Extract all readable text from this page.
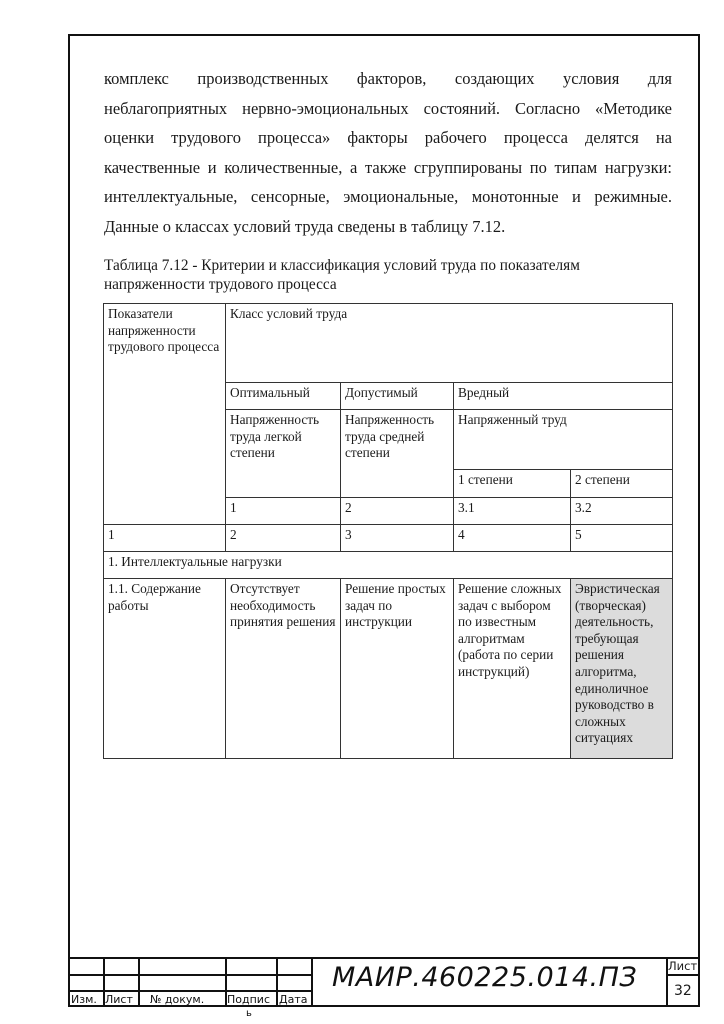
комплекс производственных факторов, создающих условия для неблагоприятных нервно-эмоциональных состояний. Согласно «Методике оценки трудового процесса» факторы рабочего процесса делятся на качественные и количественные, а также сгруппированы по типам нагрузки: интеллектуальные, сенсорные, эмоциональные, монотонные и режимные. Данные о классах условий труда сведены в таблицу 7.12.

Таблица 7.12 - Критерии и классификация условий труда по показателям напряженности трудового процесса
Показатели напряженности трудового процесса	Класс условий труда			
	Оптимальный	Допустимый	Вредный	
	Напряженность труда легкой степени	Напряженность труда средней степени	Напряженный труд	
			1 степени	2 степени
	1	2	3.1	3.2
1	2	3	4	5
1. Интеллектуальные нагрузки				
1.1. Содержание работы	Отсутствует необходимость принятия решения	Решение простых задач по инструкции	Решение сложных задач с выбором по известным алгоритмам (работа по серии инструкций)	Эвристическая (творческая) деятельность, требующая решения алгоритма, единоличное руководство в сложных ситуациях
Изм. Лист № докум. Подпис
ь
Дата
МАИР.460225.014.ПЗ	Лист
32
